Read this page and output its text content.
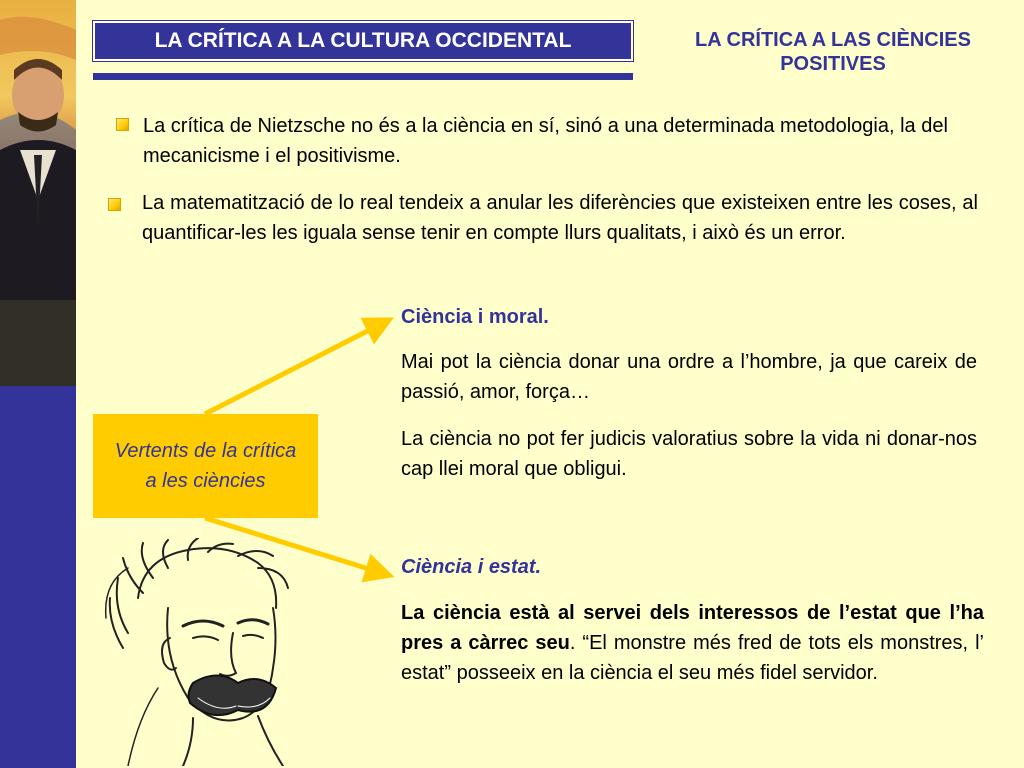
LA CRÍTICA A LA CULTURA OCCIDENTAL	LA CRÍTICA A LAS CIÈNCIES POSITIVES
La crítica de Nietzsche no és a la ciència en sí, sinó a una determinada metodologia, la del mecanicisme i el positivisme.
La matematització de lo real tendeix a anular les diferències que existeixen entre les coses, al quantificar-les les iguala sense tenir en compte llurs qualitats, i això és un error.
Vertents de la crítica a les ciències
Ciència i moral.
Mai pot la ciència donar una ordre a l’hombre, ja que careix de passió, amor, força…
La ciència no pot fer judicis valoratius sobre la vida ni donar-nos cap llei moral que obligui.
Ciència i estat.
La ciència està al servei dels interessos de l’estat que l’ha pres a càrrec seu. “El monstre més fred de tots els monstres, l’ estat” posseeix en la ciència el seu més fidel servidor.
